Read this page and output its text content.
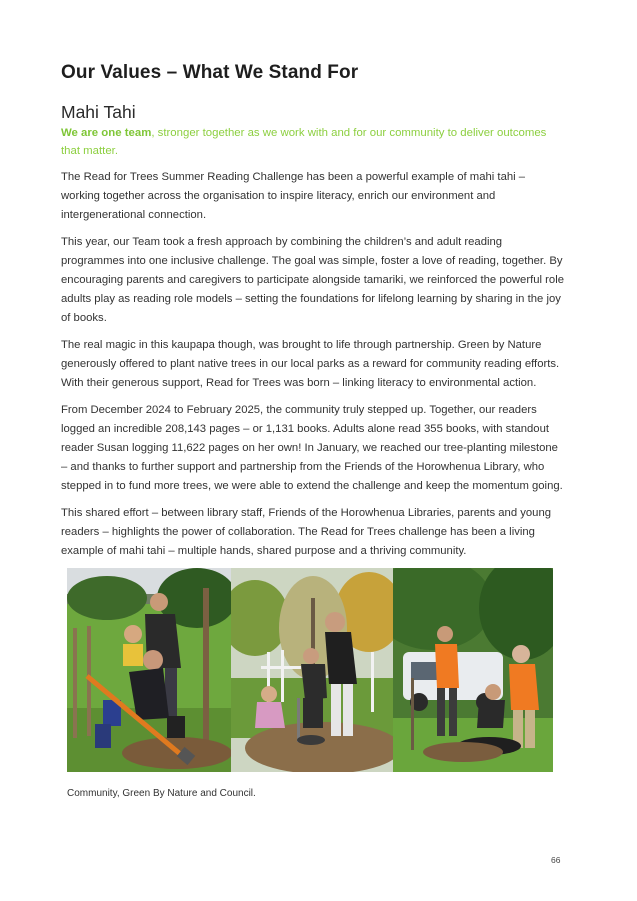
Our Values – What We Stand For
Mahi Tahi

We are one team, stronger together as we work with and for our community to deliver outcomes that matter.

The Read for Trees Summer Reading Challenge has been a powerful example of mahi tahi – working together across the organisation to inspire literacy, enrich our environment and intergenerational connection.

This year, our Team took a fresh approach by combining the children’s and adult reading programmes into one inclusive challenge. The goal was simple, foster a love of reading, together. By encouraging parents and caregivers to participate alongside tamariki, we reinforced the powerful role adults play as reading role models – setting the foundations for lifelong learning by sharing in the joy of books.

The real magic in this kaupapa though, was brought to life through partnership. Green by Nature generously offered to plant native trees in our local parks as a reward for community reading efforts. With their generous support, Read for Trees was born – linking literacy to environmental action.

From December 2024 to February 2025, the community truly stepped up. Together, our readers logged an incredible 208,143 pages – or 1,131 books. Adults alone read 355 books, with standout reader Susan logging 11,622 pages on her own! In January, we reached our tree-planting milestone – and thanks to further support and partnership from the Friends of the Horowhenua Library, who stepped in to fund more trees, we were able to extend the challenge and keep the momentum going.

This shared effort – between library staff, Friends of the Horowhenua Libraries, parents and young readers – highlights the power of collaboration. The Read for Trees challenge has been a living example of mahi tahi – multiple hands, shared purpose and a thriving community.

Community, Green By Nature and Council.

66
